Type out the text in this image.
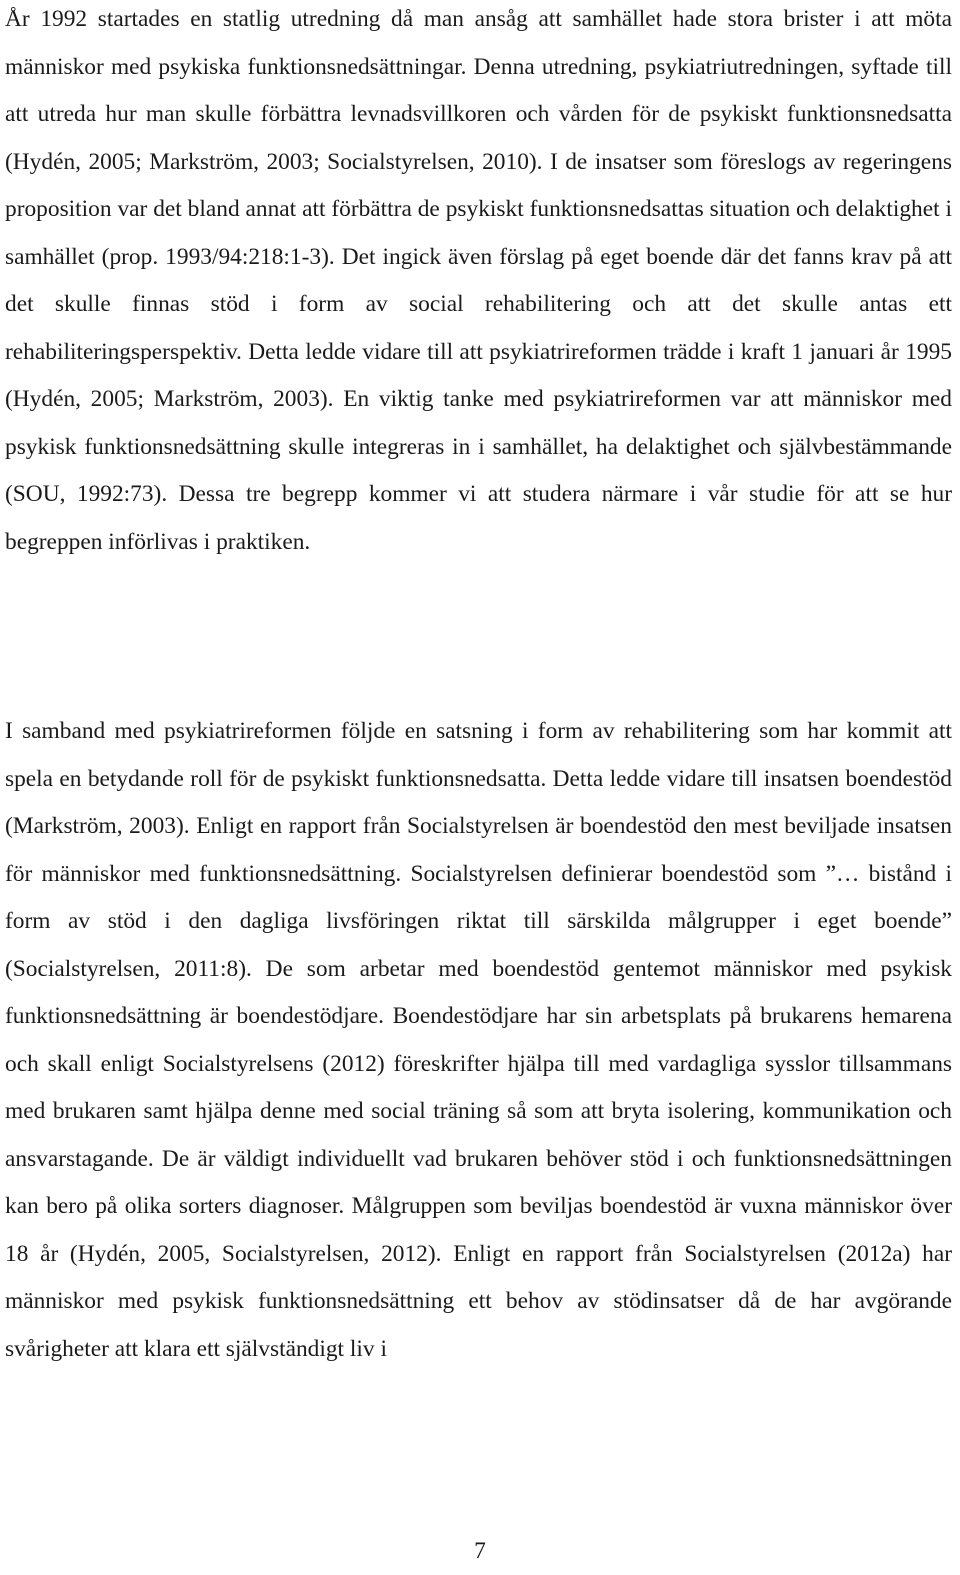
År 1992 startades en statlig utredning då man ansåg att samhället hade stora brister i att möta människor med psykiska funktionsnedsättningar. Denna utredning, psykiatriutredningen, syftade till att utreda hur man skulle förbättra levnadsvillkoren och vården för de psykiskt funktionsnedsatta (Hydén, 2005; Markström, 2003; Socialstyrelsen, 2010). I de insatser som föreslogs av regeringens proposition var det bland annat att förbättra de psykiskt funktionsnedsattas situation och delaktighet i samhället (prop. 1993/94:218:1-3). Det ingick även förslag på eget boende där det fanns krav på att det skulle finnas stöd i form av social rehabilitering och att det skulle antas ett rehabiliteringsperspektiv. Detta ledde vidare till att psykiatrireformen trädde i kraft 1 januari år 1995 (Hydén, 2005; Markström, 2003). En viktig tanke med psykiatrireformen var att människor med psykisk funktionsnedsättning skulle integreras in i samhället, ha delaktighet och självbestämmande (SOU, 1992:73). Dessa tre begrepp kommer vi att studera närmare i vår studie för att se hur begreppen införlivas i praktiken.

I samband med psykiatrireformen följde en satsning i form av rehabilitering som har kommit att spela en betydande roll för de psykiskt funktionsnedsatta. Detta ledde vidare till insatsen boendestöd (Markström, 2003). Enligt en rapport från Socialstyrelsen är boendestöd den mest beviljade insatsen för människor med funktionsnedsättning. Socialstyrelsen definierar boendestöd som ”… bistånd i form av stöd i den dagliga livsföringen riktat till särskilda målgrupper i eget boende” (Socialstyrelsen, 2011:8). De som arbetar med boendestöd gentemot människor med psykisk funktionsnedsättning är boendestödjare. Boendestödjare har sin arbetsplats på brukarens hemarena och skall enligt Socialstyrelsens (2012) föreskrifter hjälpa till med vardagliga sysslor tillsammans med brukaren samt hjälpa denne med social träning så som att bryta isolering, kommunikation och ansvarstagande. De är väldigt individuellt vad brukaren behöver stöd i och funktionsnedsättningen kan bero på olika sorters diagnoser. Målgruppen som beviljas boendestöd är vuxna människor över 18 år (Hydén, 2005, Socialstyrelsen, 2012). Enligt en rapport från Socialstyrelsen (2012a) har människor med psykisk funktionsnedsättning ett behov av stödinsatser då de har avgörande svårigheter att klara ett självständigt liv i

7
